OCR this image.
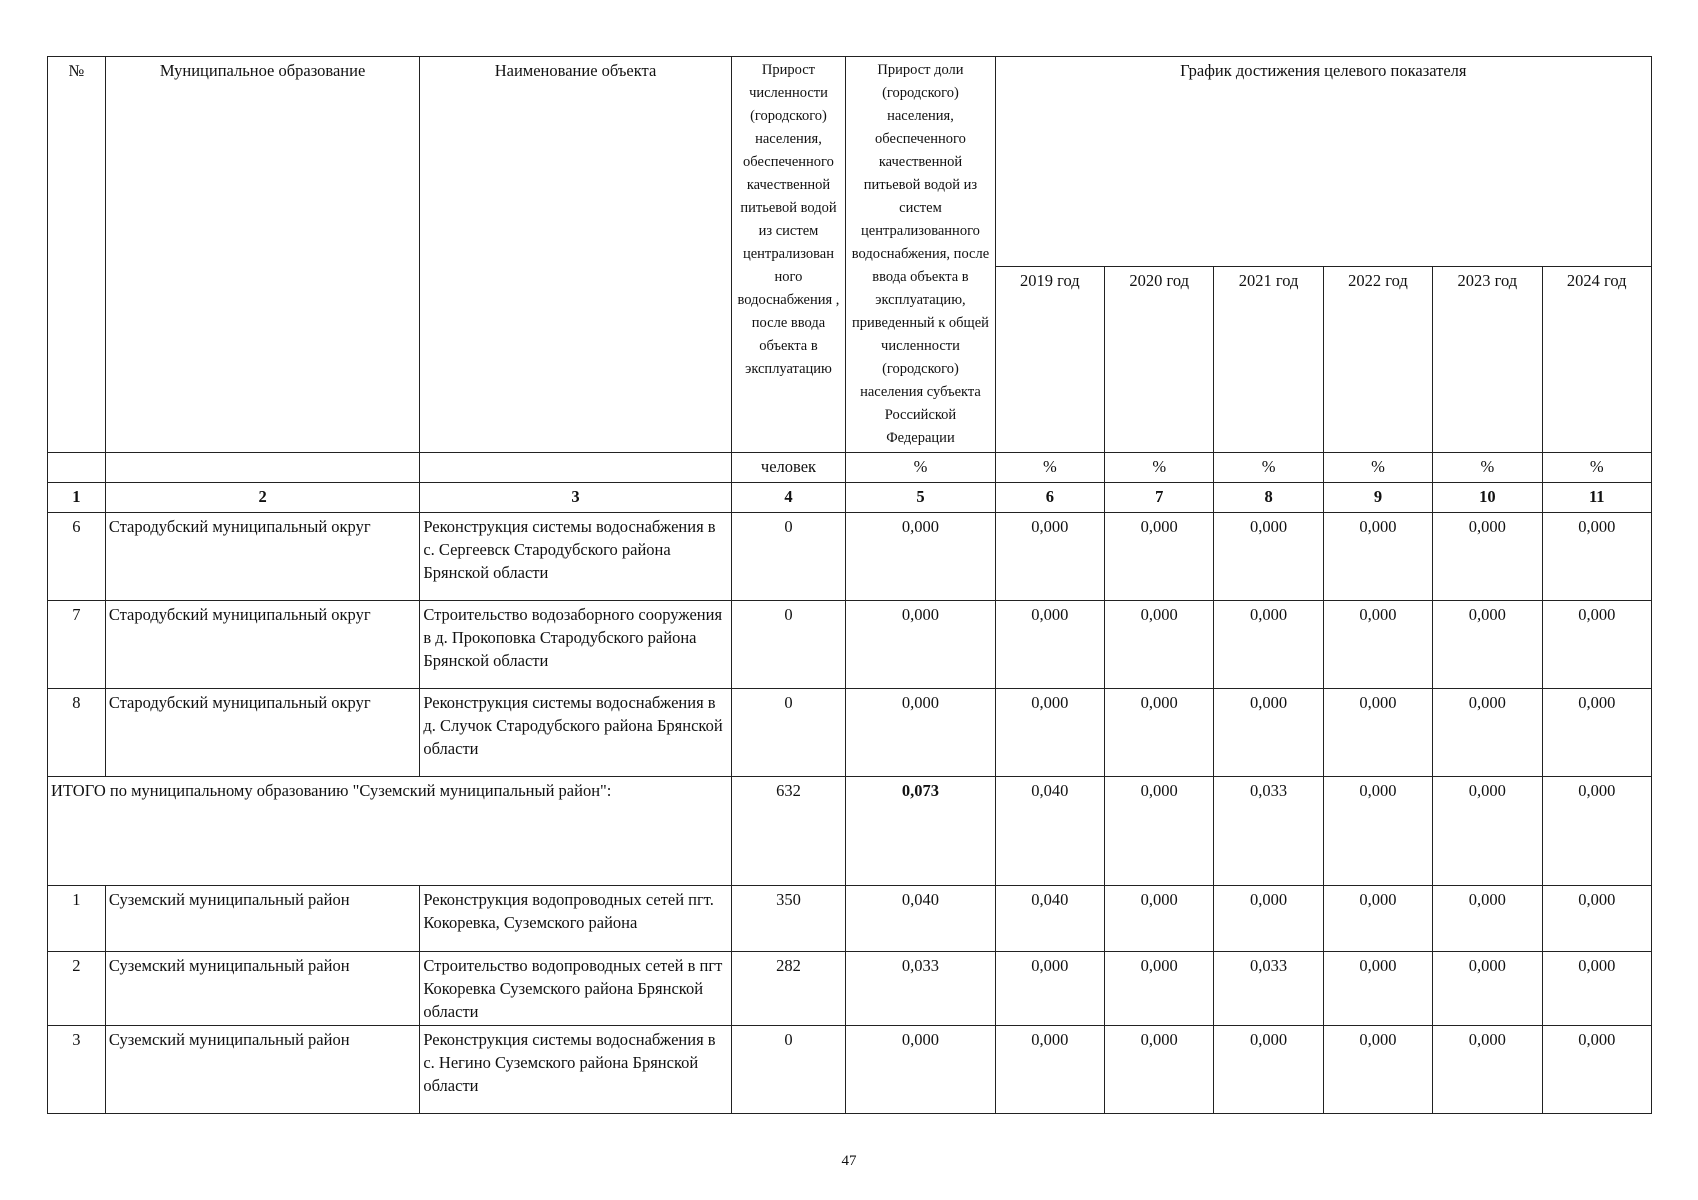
№	Муниципальное образование	Наименование объекта	Прирост численности (городского) населения, обеспеченного качественной питьевой водой из систем централизован ного водоснабжения , после ввода объекта в эксплуатацию	Прирост доли (городского) населения, обеспеченного качественной питьевой водой из систем централизованного водоснабжения, после ввода объекта в эксплуатацию, приведенный к общей численности (городского) населения субъекта Российской Федерации	График достижения целевого показателя					
					2019 год	2020 год	2021 год	2022 год	2023 год	2024 год
			человек	%	%	%	%	%	%	%
1	2	3	4	5	6	7	8	9	10	11
6	Стародубский муниципальный округ	Реконструкция системы водоснабжения в с. Сергеевск Стародубского района Брянской области	0	0,000	0,000	0,000	0,000	0,000	0,000	0,000
7	Стародубский муниципальный округ	Строительство водозаборного сооружения в д. Прокоповка Стародубского района Брянской области	0	0,000	0,000	0,000	0,000	0,000	0,000	0,000
8	Стародубский муниципальный округ	Реконструкция системы водоснабжения в д. Случок Стародубского района Брянской области	0	0,000	0,000	0,000	0,000	0,000	0,000	0,000
ИТОГО по муниципальному образованию "Суземский муниципальный район":			632	0,073	0,040	0,000	0,033	0,000	0,000	0,000
1	Суземский муниципальный район	Реконструкция водопроводных сетей пгт. Кокоревка, Суземского района	350	0,040	0,040	0,000	0,000	0,000	0,000	0,000
2	Суземский муниципальный район	Строительство водопроводных сетей в пгт Кокоревка Суземского района Брянской области	282	0,033	0,000	0,000	0,033	0,000	0,000	0,000
3	Суземский муниципальный район	Реконструкция системы водоснабжения в с. Негино Суземского района Брянской области	0	0,000	0,000	0,000	0,000	0,000	0,000	0,000
47
